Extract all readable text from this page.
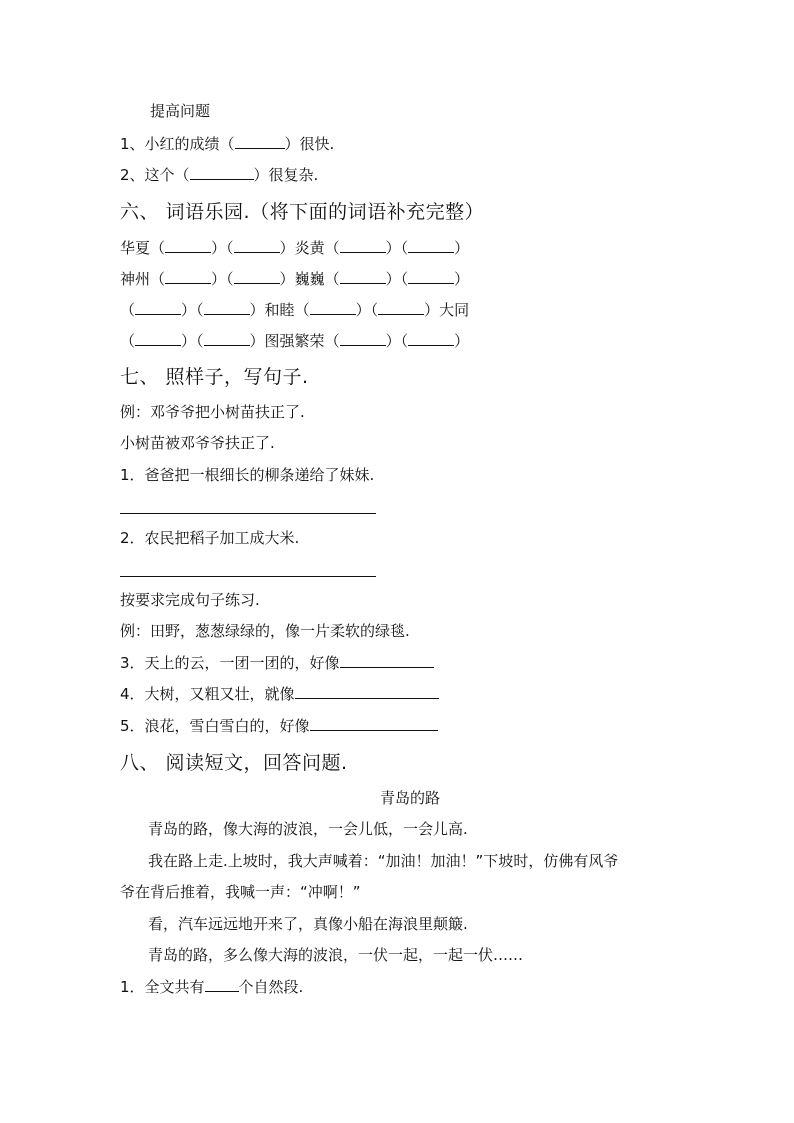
提高问题
1、小红的成绩（	）很快.
2、这个（	）很复杂.
六、 词语乐园.（将下面的词语补充完整）
华夏（	）（	）炎黄（	）（	）
神州（	）（	）巍巍（	）（	）
（	）（	）和睦（	）（	）大同
（	）（	）图强繁荣（	）（	）
七、 照样子，写句子.
例：邓爷爷把小树苗扶正了.
小树苗被邓爷爷扶正了.
1．爸爸把一根细长的柳条递给了妹妹.
2．农民把稻子加工成大米.
按要求完成句子练习.
例：田野，葱葱绿绿的，像一片柔软的绿毯.
3．天上的云，一团一团的，好像
4．大树，又粗又壮，就像
5．浪花，雪白雪白的，好像
八、 阅读短文，回答问题.
青岛的路
青岛的路，像大海的波浪，一会儿低，一会儿高.
我在路上走.上坡时，我大声喊着：“加油！加油！”下坡时，仿佛有风爷
爷在背后推着，我喊一声：“冲啊！”
看，汽车远远地开来了，真像小船在海浪里颠簸.
青岛的路，多么像大海的波浪，一伏一起，一起一伏……
1．全文共有 个自然段.
